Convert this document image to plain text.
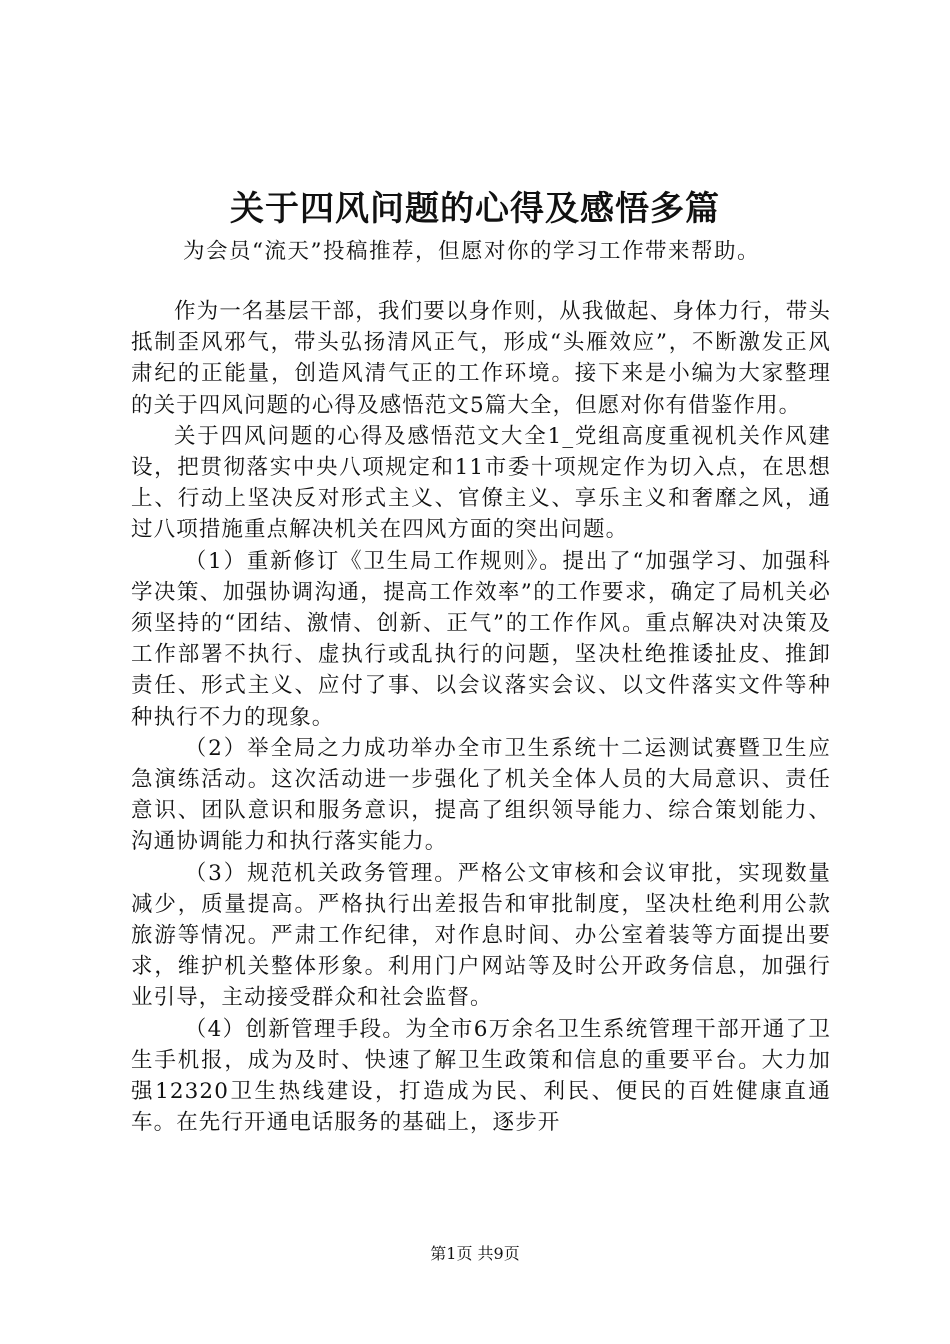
关于四风问题的心得及感悟多篇
为会员“流天”投稿推荐，但愿对你的学习工作带来帮助。

作为一名基层干部，我们要以身作则，从我做起、身体力行，带头抵制歪风邪气，带头弘扬清风正气，形成“头雁效应”，不断激发正风肃纪的正能量，创造风清气正的工作环境。接下来是小编为大家整理的关于四风问题的心得及感悟范文5篇大全，但愿对你有借鉴作用。

关于四风问题的心得及感悟范文大全1_党组高度重视机关作风建设，把贯彻落实中央八项规定和11市委十项规定作为切入点，在思想上、行动上坚决反对形式主义、官僚主义、享乐主义和奢靡之风，通过八项措施重点解决机关在四风方面的突出问题。

（1）重新修订《卫生局工作规则》。提出了“加强学习、加强科学决策、加强协调沟通，提高工作效率”的工作要求，确定了局机关必须坚持的“团结、激情、创新、正气”的工作作风。重点解决对决策及工作部署不执行、虚执行或乱执行的问题，坚决杜绝推诿扯皮、推卸责任、形式主义、应付了事、以会议落实会议、以文件落实文件等种种执行不力的现象。

（2）举全局之力成功举办全市卫生系统十二运测试赛暨卫生应急演练活动。这次活动进一步强化了机关全体人员的大局意识、责任意识、团队意识和服务意识，提高了组织领导能力、综合策划能力、沟通协调能力和执行落实能力。

（3）规范机关政务管理。严格公文审核和会议审批，实现数量减少，质量提高。严格执行出差报告和审批制度，坚决杜绝利用公款旅游等情况。严肃工作纪律，对作息时间、办公室着装等方面提出要求，维护机关整体形象。利用门户网站等及时公开政务信息，加强行业引导，主动接受群众和社会监督。

（4）创新管理手段。为全市6万余名卫生系统管理干部开通了卫生手机报，成为及时、快速了解卫生政策和信息的重要平台。大力加强12320卫生热线建设，打造成为民、利民、便民的百姓健康直通车。在先行开通电话服务的基础上，逐步开

第1页 共9页
